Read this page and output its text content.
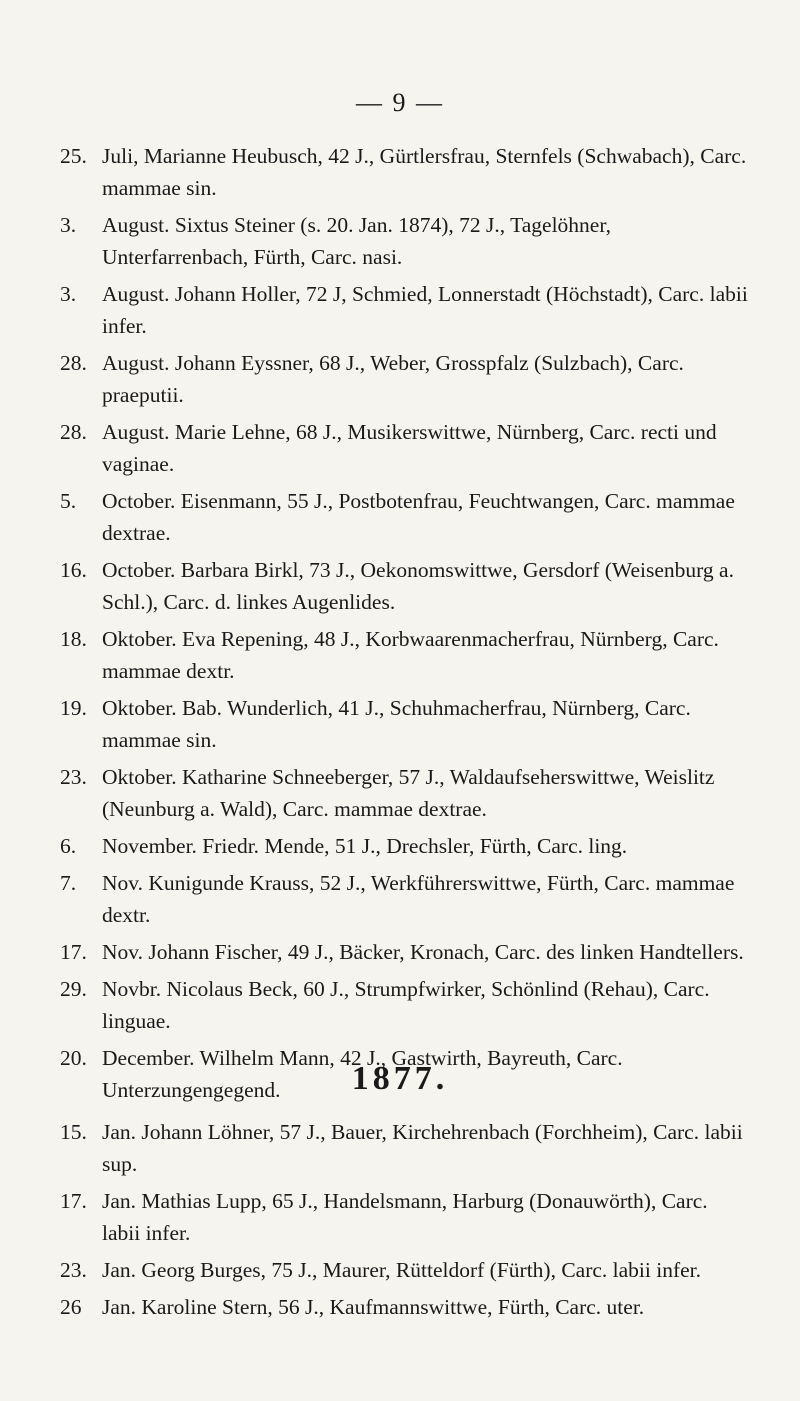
— 9 —
25. Juli, Marianne Heubusch, 42 J., Gürtlersfrau, Sternfels (Schwabach), Carc. mammae sin.
3. August. Sixtus Steiner (s. 20. Jan. 1874), 72 J., Tagelöhner, Unterfarrenbach, Fürth, Carc. nasi.
3. August. Johann Holler, 72 J, Schmied, Lonnerstadt (Höchstadt), Carc. labii infer.
28. August. Johann Eyssner, 68 J., Weber, Grosspfalz (Sulzbach), Carc. praeputii.
28. August. Marie Lehne, 68 J., Musikerswittwe, Nürnberg, Carc. recti und vaginae.
5. October. Eisenmann, 55 J., Postbotenfrau, Feuchtwangen, Carc. mammae dextrae.
16. October. Barbara Birkl, 73 J., Oekonomswittwe, Gersdorf (Weisenburg a. Schl.), Carc. d. linkes Augenlides.
18. Oktober. Eva Repening, 48 J., Korbwaarenmacherfrau, Nürnberg, Carc. mammae dextr.
19. Oktober. Bab. Wunderlich, 41 J., Schuhmacherfrau, Nürnberg, Carc. mammae sin.
23. Oktober. Katharine Schneeberger, 57 J., Waldaufseherswittwe, Weislitz (Neunburg a. Wald), Carc. mammae dextrae.
6. November. Friedr. Mende, 51 J., Drechsler, Fürth, Carc. ling.
7. Nov. Kunigunde Krauss, 52 J., Werkführerswittwe, Fürth, Carc. mammae dextr.
17. Nov. Johann Fischer, 49 J., Bäcker, Kronach, Carc. des linken Handtellers.
29. Novbr. Nicolaus Beck, 60 J., Strumpfwirker, Schönlind (Rehau), Carc. linguae.
20. December. Wilhelm Mann, 42 J., Gastwirth, Bayreuth, Carc. Unterzungengegend.	1877.
15. Jan. Johann Löhner, 57 J., Bauer, Kirchehrenbach (Forchheim), Carc. labii sup.
17. Jan. Mathias Lupp, 65 J., Handelsmann, Harburg (Donauwörth), Carc. labii infer.
23. Jan. Georg Burges, 75 J., Maurer, Rütteldorf (Fürth), Carc. labii infer.
26 Jan. Karoline Stern, 56 J., Kaufmannswittwe, Fürth, Carc. uter.
